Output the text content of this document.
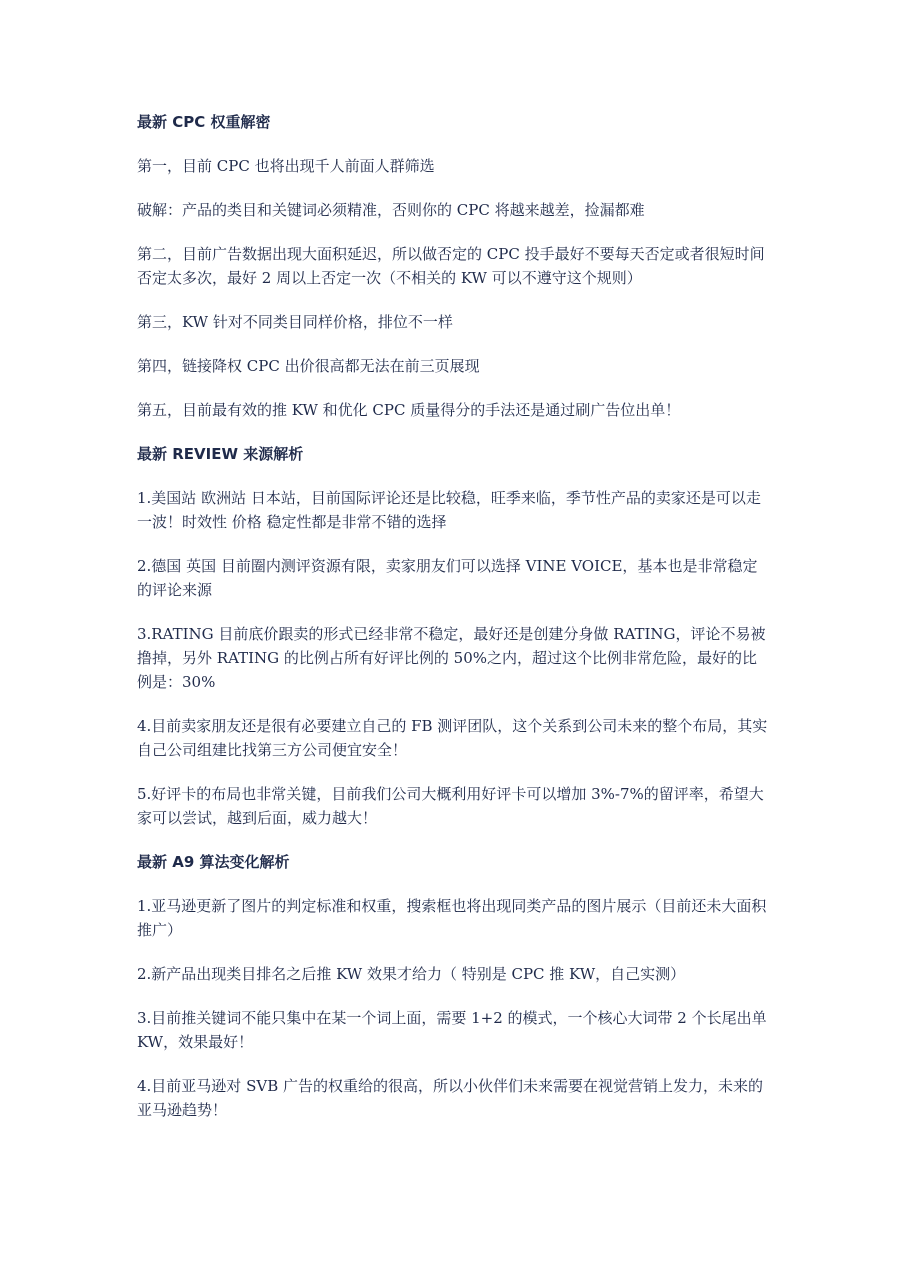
最新 CPC 权重解密
第一，目前 CPC 也将出现千人前面人群筛选
破解：产品的类目和关键词必须精准，否则你的 CPC 将越来越差，捡漏都难
第二，目前广告数据出现大面积延迟，所以做否定的 CPC 投手最好不要每天否定或者很短时间否定太多次，最好 2 周以上否定一次（不相关的 KW 可以不遵守这个规则）
第三，KW 针对不同类目同样价格，排位不一样
第四，链接降权 CPC 出价很高都无法在前三页展现
第五，目前最有效的推 KW 和优化 CPC 质量得分的手法还是通过刷广告位出单！
最新 REVIEW 来源解析
1.美国站 欧洲站 日本站，目前国际评论还是比较稳，旺季来临，季节性产品的卖家还是可以走一波！时效性 价格 稳定性都是非常不错的选择
2.德国 英国 目前圈内测评资源有限，卖家朋友们可以选择 VINE VOICE，基本也是非常稳定的评论来源
3.RATING 目前底价跟卖的形式已经非常不稳定，最好还是创建分身做 RATING，评论不易被撸掉，另外 RATING 的比例占所有好评比例的 50%之内，超过这个比例非常危险，最好的比例是：30%
4.目前卖家朋友还是很有必要建立自己的 FB 测评团队，这个关系到公司未来的整个布局，其实自己公司组建比找第三方公司便宜安全！
5.好评卡的布局也非常关键，目前我们公司大概利用好评卡可以增加 3%-7%的留评率，希望大家可以尝试，越到后面，威力越大！
最新 A9 算法变化解析
1.亚马逊更新了图片的判定标准和权重，搜索框也将出现同类产品的图片展示（目前还未大面积推广）
2.新产品出现类目排名之后推 KW 效果才给力（ 特别是 CPC 推 KW，自己实测）
3.目前推关键词不能只集中在某一个词上面，需要 1+2 的模式，一个核心大词带 2 个长尾出单 KW，效果最好！
4.目前亚马逊对 SVB 广告的权重给的很高，所以小伙伴们未来需要在视觉营销上发力，未来的亚马逊趋势！
